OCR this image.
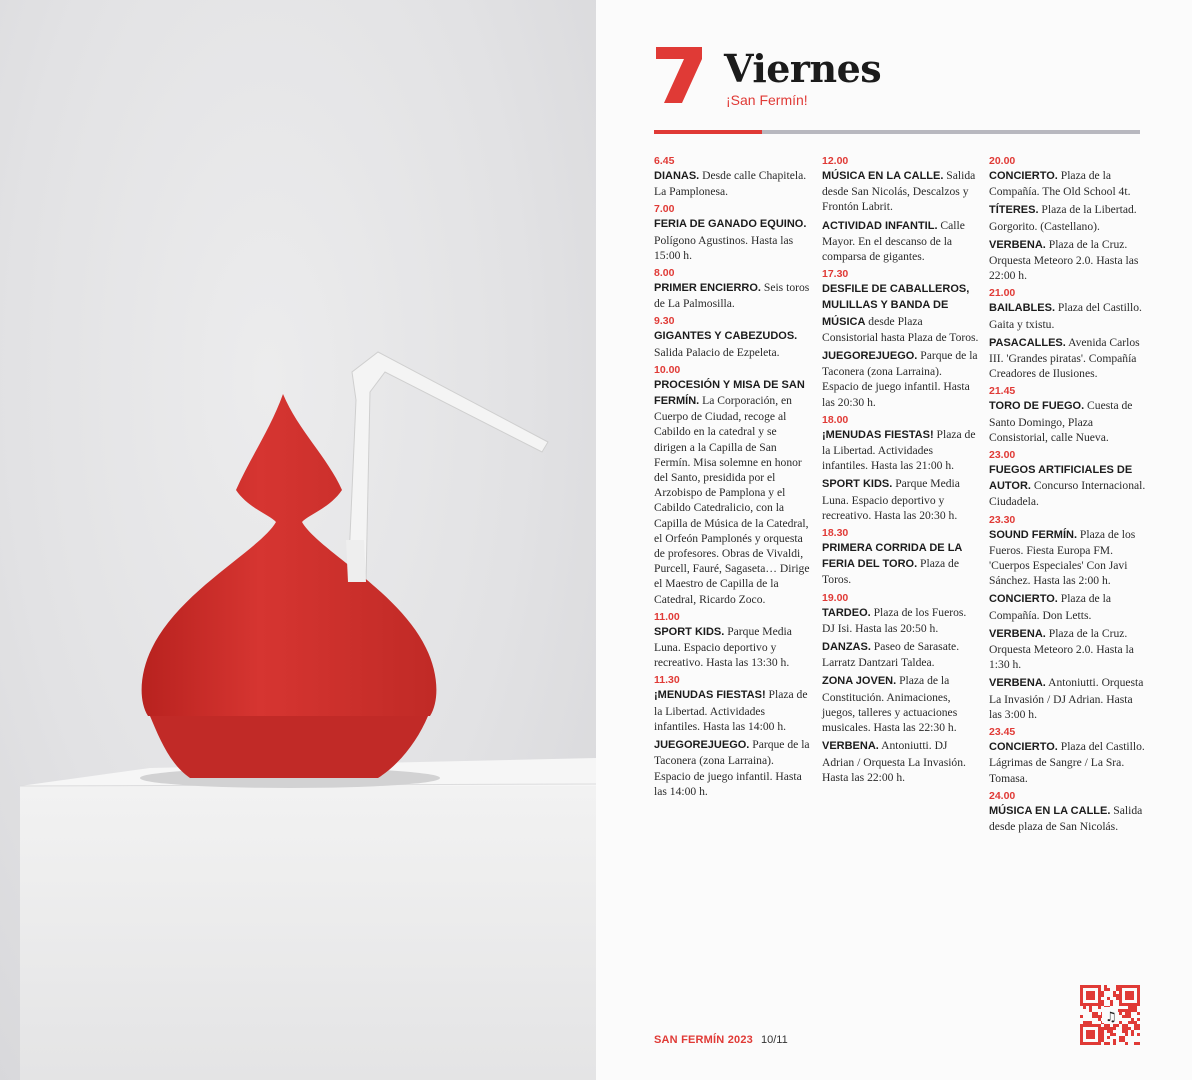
Viernes
¡San Fermín!
6.45

DIANAS. Desde calle Chapitela. La Pamplonesa.

7.00

FERIA DE GANADO EQUINO. Polígono Agustinos. Hasta las 15:00 h.

8.00

PRIMER ENCIERRO. Seis toros de La Palmosilla.

9.30

GIGANTES Y CABEZUDOS. Salida Palacio de Ezpeleta.

10.00

PROCESIÓN Y MISA DE SAN FERMÍN. La Corporación, en Cuerpo de Ciudad, recoge al Cabildo en la catedral y se dirigen a la Capilla de San Fermín. Misa solemne en honor del Santo, presidida por el Arzobispo de Pamplona y el Cabildo Catedralicio, con la Capilla de Música de la Catedral, el Orfeón Pamplonés y orquesta de profesores. Obras de Vivaldi, Purcell, Fauré, Sagaseta… Dirige el Maestro de Capilla de la Catedral, Ricardo Zoco.

11.00

SPORT KIDS. Parque Media Luna. Espacio deportivo y recreativo. Hasta las 13:30 h.

11.30

¡MENUDAS FIESTAS! Plaza de la Libertad. Actividades infantiles. Hasta las 14:00 h.

JUEGOREJUEGO. Parque de la Taconera (zona Larraina). Espacio de juego infantil. Hasta las 14:00 h.

12.00

MÚSICA EN LA CALLE. Salida desde San Nicolás, Descalzos y Frontón Labrit.

ACTIVIDAD INFANTIL. Calle Mayor. En el descanso de la comparsa de gigantes.

17.30

DESFILE DE CABALLEROS, MULILLAS Y BANDA DE MÚSICA desde Plaza Consistorial hasta Plaza de Toros.

JUEGOREJUEGO. Parque de la Taconera (zona Larraina). Espacio de juego infantil. Hasta las 20:30 h.

18.00

¡MENUDAS FIESTAS! Plaza de la Libertad. Actividades infantiles. Hasta las 21:00 h.

SPORT KIDS. Parque Media Luna. Espacio deportivo y recreativo. Hasta las 20:30 h.

18.30

PRIMERA CORRIDA DE LA FERIA DEL TORO. Plaza de Toros.

19.00

TARDEO. Plaza de los Fueros. DJ Isi. Hasta las 20:50 h.

DANZAS. Paseo de Sarasate. Larratz Dantzari Taldea.

ZONA JOVEN. Plaza de la Constitución. Animaciones, juegos, talleres y actuaciones musicales. Hasta las 22:30 h.

VERBENA. Antoniutti. DJ Adrian / Orquesta La Invasión. Hasta las 22:00 h.

20.00

CONCIERTO. Plaza de la Compañía. The Old School 4t.

TÍTERES. Plaza de la Libertad. Gorgorito. (Castellano).

VERBENA. Plaza de la Cruz. Orquesta Meteoro 2.0. Hasta las 22:00 h.

21.00

BAILABLES. Plaza del Castillo. Gaita y txistu.

PASACALLES. Avenida Carlos III. 'Grandes piratas'. Compañía Creadores de Ilusiones.

21.45

TORO DE FUEGO. Cuesta de Santo Domingo, Plaza Consistorial, calle Nueva.

23.00

FUEGOS ARTIFICIALES DE AUTOR. Concurso Internacional. Ciudadela.

23.30

SOUND FERMÍN. Plaza de los Fueros. Fiesta Europa FM. 'Cuerpos Especiales' Con Javi Sánchez. Hasta las 2:00 h.

CONCIERTO. Plaza de la Compañía. Don Letts.

VERBENA. Plaza de la Cruz. Orquesta Meteoro 2.0. Hasta la 1:30 h.

VERBENA. Antoniutti. Orquesta La Invasión / DJ Adrian. Hasta las 3:00 h.

23.45

CONCIERTO. Plaza del Castillo. Lágrimas de Sangre / La Sra. Tomasa.

24.00

MÚSICA EN LA CALLE. Salida desde plaza de San Nicolás.

SAN FERMÍN 2023 10/11
♫
